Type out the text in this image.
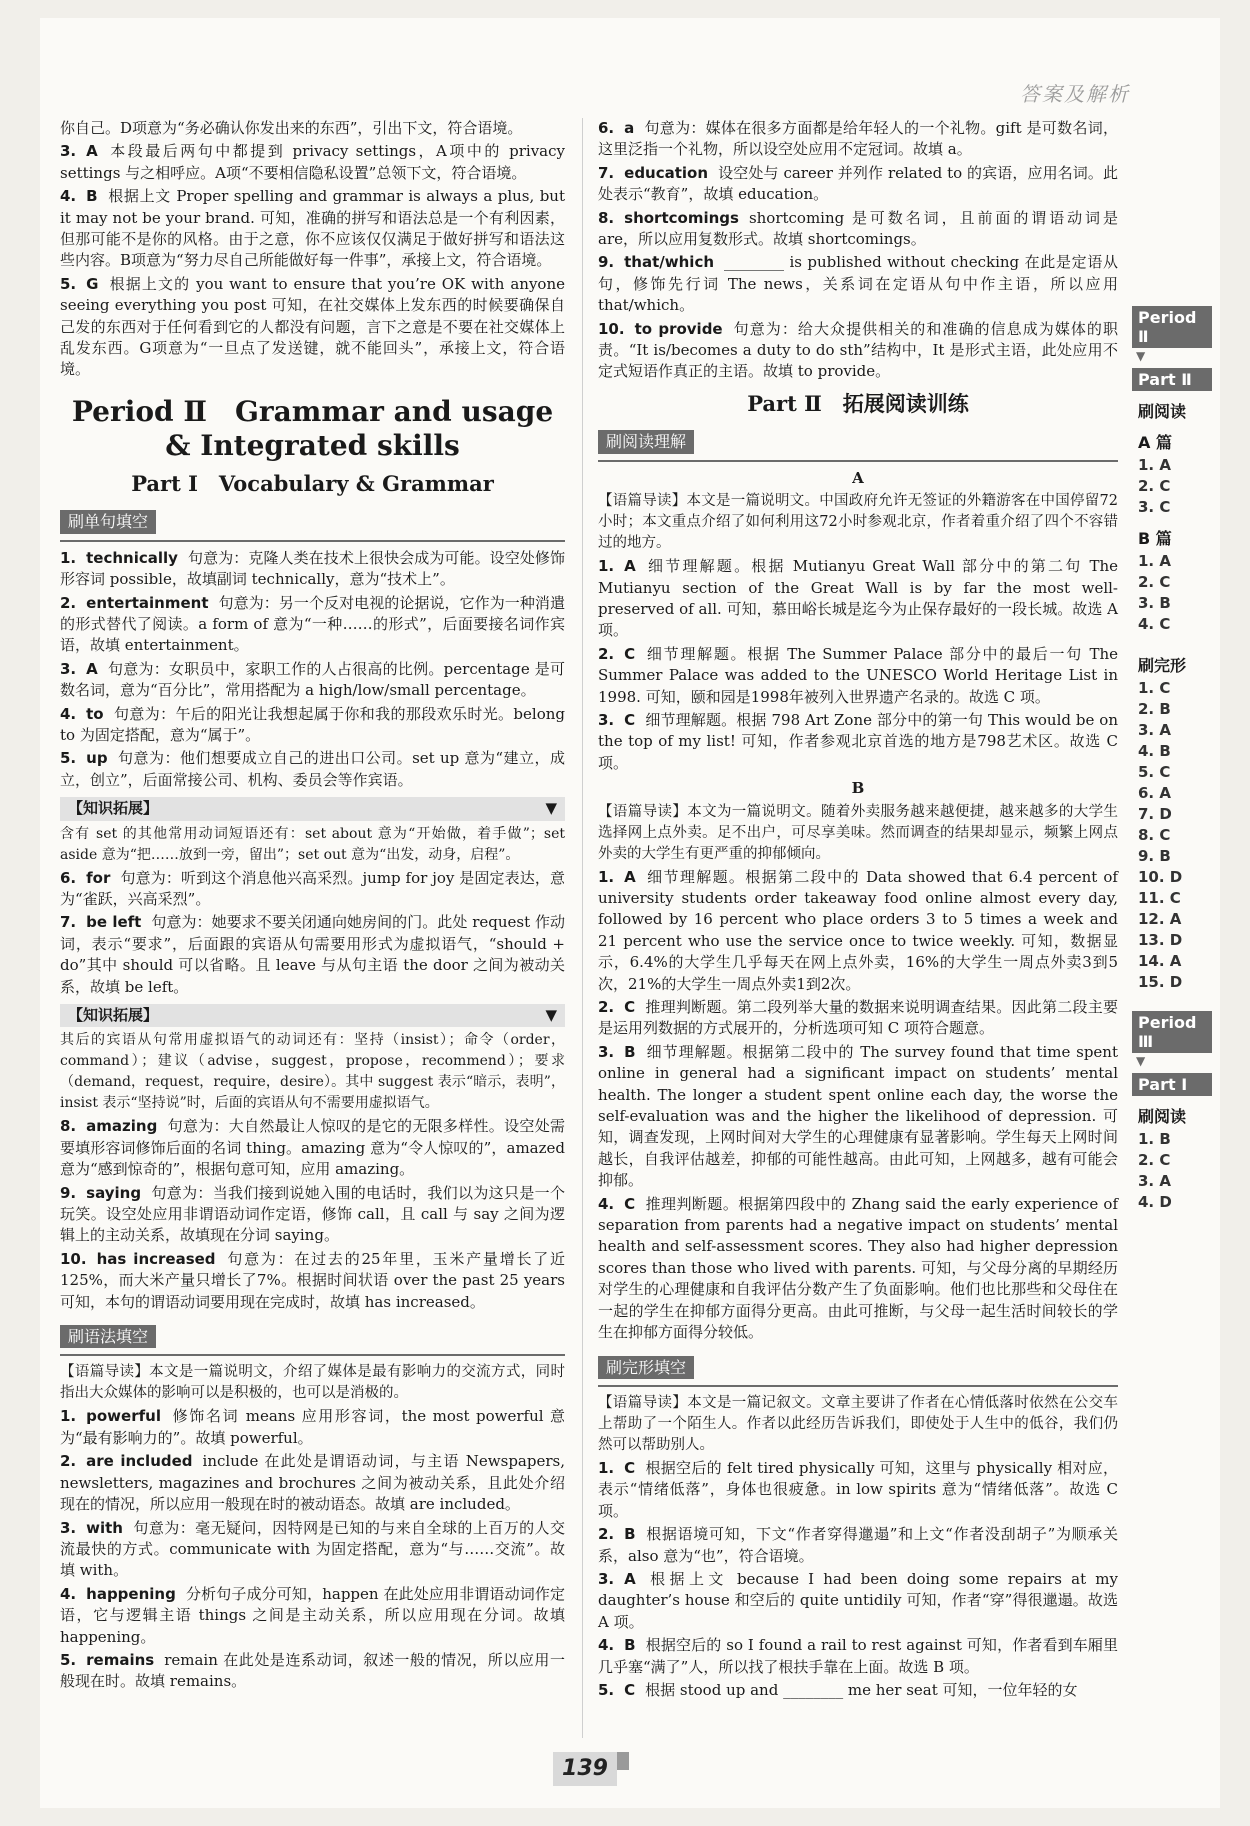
答案及解析
你自己。D项意为“务必确认你发出来的东西”，引出下文，符合语境。
3. A 本段最后两句中都提到 privacy settings，A项中的 privacy settings 与之相呼应。A项“不要相信隐私设置”总领下文，符合语境。
4. B 根据上文 Proper spelling and grammar is always a plus, but it may not be your brand. 可知，准确的拼写和语法总是一个有利因素，但那可能不是你的风格。由于之意，你不应该仅仅满足于做好拼写和语法这些内容。B项意为“努力尽自己所能做好每一件事”，承接上文，符合语境。
5. G 根据上文的 you want to ensure that you’re OK with anyone seeing everything you post 可知，在社交媒体上发东西的时候要确保自己发的东西对于任何看到它的人都没有问题，言下之意是不要在社交媒体上乱发东西。G项意为“一旦点了发送键，就不能回头”，承接上文，符合语境。
Period Ⅱ　Grammar and usage & Integrated skills
Part Ⅰ　Vocabulary & Grammar
刷单句填空
1. technically 句意为：克隆人类在技术上很快会成为可能。设空处修饰形容词 possible，故填副词 technically，意为“技术上”。
2. entertainment 句意为：另一个反对电视的论据说，它作为一种消遣的形式替代了阅读。a form of 意为“一种……的形式”，后面要接名词作宾语，故填 entertainment。
3. A 句意为：女职员中，家职工作的人占很高的比例。percentage 是可数名词，意为“百分比”，常用搭配为 a high/low/small percentage。
4. to 句意为：午后的阳光让我想起属于你和我的那段欢乐时光。belong to 为固定搭配，意为“属于”。
5. up 句意为：他们想要成立自己的进出口公司。set up 意为“建立，成立，创立”，后面常接公司、机构、委员会等作宾语。
【知识拓展】	▼
含有 set 的其他常用动词短语还有：set about 意为“开始做，着手做”；set aside 意为“把……放到一旁，留出”；set out 意为“出发，动身，启程”。
6. for 句意为：听到这个消息他兴高采烈。jump for joy 是固定表达，意为“雀跃，兴高采烈”。
7. be left 句意为：她要求不要关闭通向她房间的门。此处 request 作动词，表示“要求”，后面跟的宾语从句需要用形式为虚拟语气，“should + do”其中 should 可以省略。且 leave 与从句主语 the door 之间为被动关系，故填 be left。
【知识拓展】	▼
其后的宾语从句常用虚拟语气的动词还有：坚持（insist）；命令（order，command）；建议（advise，suggest，propose，recommend）；要求（demand，request，require，desire）。其中 suggest 表示“暗示，表明”，insist 表示“坚持说”时，后面的宾语从句不需要用虚拟语气。
8. amazing 句意为：大自然最让人惊叹的是它的无限多样性。设空处需要填形容词修饰后面的名词 thing。amazing 意为“令人惊叹的”，amazed 意为“感到惊奇的”，根据句意可知，应用 amazing。
9. saying 句意为：当我们接到说她入围的电话时，我们以为这只是一个玩笑。设空处应用非谓语动词作定语，修饰 call，且 call 与 say 之间为逻辑上的主动关系，故填现在分词 saying。
10. has increased 句意为：在过去的25年里，玉米产量增长了近125%，而大米产量只增长了7%。根据时间状语 over the past 25 years 可知，本句的谓语动词要用现在完成时，故填 has increased。
刷语法填空
【语篇导读】本文是一篇说明文，介绍了媒体是最有影响力的交流方式，同时指出大众媒体的影响可以是积极的，也可以是消极的。
1. powerful 修饰名词 means 应用形容词，the most powerful 意为“最有影响力的”。故填 powerful。
2. are included include 在此处是谓语动词，与主语 Newspapers, newsletters, magazines and brochures 之间为被动关系，且此处介绍现在的情况，所以应用一般现在时的被动语态。故填 are included。
3. with 句意为：毫无疑问，因特网是已知的与来自全球的上百万的人交流最快的方式。communicate with 为固定搭配，意为“与……交流”。故填 with。
4. happening 分析句子成分可知，happen 在此处应用非谓语动词作定语，它与逻辑主语 things 之间是主动关系，所以应用现在分词。故填 happening。
5. remains remain 在此处是连系动词，叙述一般的情况，所以应用一般现在时。故填 remains。
6. a 句意为：媒体在很多方面都是给年轻人的一个礼物。gift 是可数名词，这里泛指一个礼物，所以设空处应用不定冠词。故填 a。
7. education 设空处与 career 并列作 related to 的宾语，应用名词。此处表示“教育”，故填 education。
8. shortcomings shortcoming 是可数名词，且前面的谓语动词是 are，所以应用复数形式。故填 shortcomings。
9. that/which ________ is published without checking 在此是定语从句，修饰先行词 The news，关系词在定语从句中作主语，所以应用 that/which。
10. to provide 句意为：给大众提供相关的和准确的信息成为媒体的职责。“It is/becomes a duty to do sth”结构中，It 是形式主语，此处应用不定式短语作真正的主语。故填 to provide。
Part Ⅱ　拓展阅读训练
刷阅读理解
A
【语篇导读】本文是一篇说明文。中国政府允许无签证的外籍游客在中国停留72小时；本文重点介绍了如何利用这72小时参观北京，作者着重介绍了四个不容错过的地方。
1. A 细节理解题。根据 Mutianyu Great Wall 部分中的第二句 The Mutianyu section of the Great Wall is by far the most well-preserved of all. 可知，慕田峪长城是迄今为止保存最好的一段长城。故选 A 项。
2. C 细节理解题。根据 The Summer Palace 部分中的最后一句 The Summer Palace was added to the UNESCO World Heritage List in 1998. 可知，颐和园是1998年被列入世界遗产名录的。故选 C 项。
3. C 细节理解题。根据 798 Art Zone 部分中的第一句 This would be on the top of my list! 可知，作者参观北京首选的地方是798艺术区。故选 C 项。
B
【语篇导读】本文为一篇说明文。随着外卖服务越来越便捷，越来越多的大学生选择网上点外卖。足不出户，可尽享美味。然而调查的结果却显示，频繁上网点外卖的大学生有更严重的抑郁倾向。
1. A 细节理解题。根据第二段中的 Data showed that 6.4 percent of university students order takeaway food online almost every day, followed by 16 percent who place orders 3 to 5 times a week and 21 percent who use the service once to twice weekly. 可知，数据显示，6.4%的大学生几乎每天在网上点外卖，16%的大学生一周点外卖3到5次，21%的大学生一周点外卖1到2次。
2. C 推理判断题。第二段列举大量的数据来说明调查结果。因此第二段主要是运用列数据的方式展开的，分析选项可知 C 项符合题意。
3. B 细节理解题。根据第二段中的 The survey found that time spent online in general had a significant impact on students’ mental health. The longer a student spent online each day, the worse the self-evaluation was and the higher the likelihood of depression. 可知，调查发现，上网时间对大学生的心理健康有显著影响。学生每天上网时间越长，自我评估越差，抑郁的可能性越高。由此可知，上网越多，越有可能会抑郁。
4. C 推理判断题。根据第四段中的 Zhang said the early experience of separation from parents had a negative impact on students’ mental health and self-assessment scores. They also had higher depression scores than those who lived with parents. 可知，与父母分离的早期经历对学生的心理健康和自我评估分数产生了负面影响。他们也比那些和父母住在一起的学生在抑郁方面得分更高。由此可推断，与父母一起生活时间较长的学生在抑郁方面得分较低。
刷完形填空
【语篇导读】本文是一篇记叙文。文章主要讲了作者在心情低落时依然在公交车上帮助了一个陌生人。作者以此经历告诉我们，即使处于人生中的低谷，我们仍然可以帮助别人。
1. C 根据空后的 felt tired physically 可知，这里与 physically 相对应，表示“情绪低落”，身体也很疲惫。in low spirits 意为“情绪低落”。故选 C 项。
2. B 根据语境可知，下文“作者穿得邋遢”和上文“作者没刮胡子”为顺承关系，also 意为“也”，符合语境。
3. A 根据上文 because I had been doing some repairs at my daughter’s house 和空后的 quite untidily 可知，作者“穿”得很邋遢。故选 A 项。
4. B 根据空后的 so I found a rail to rest against 可知，作者看到车厢里几乎塞“满了”人，所以找了根扶手靠在上面。故选 B 项。
5. C 根据 stood up and ________ me her seat 可知，一位年轻的女
Period Ⅱ
▼
Part Ⅱ
刷阅读
A 篇
1. A
2. C
3. C
B 篇
1. A
2. C
3. B
4. C
刷完形
1. C
2. B
3. A
4. B
5. C
6. A
7. D
8. C
9. B
10. D
11. C
12. A
13. D
14. A
15. D
Period Ⅲ
▼
Part Ⅰ
刷阅读
1. B
2. C
3. A
4. D
139
